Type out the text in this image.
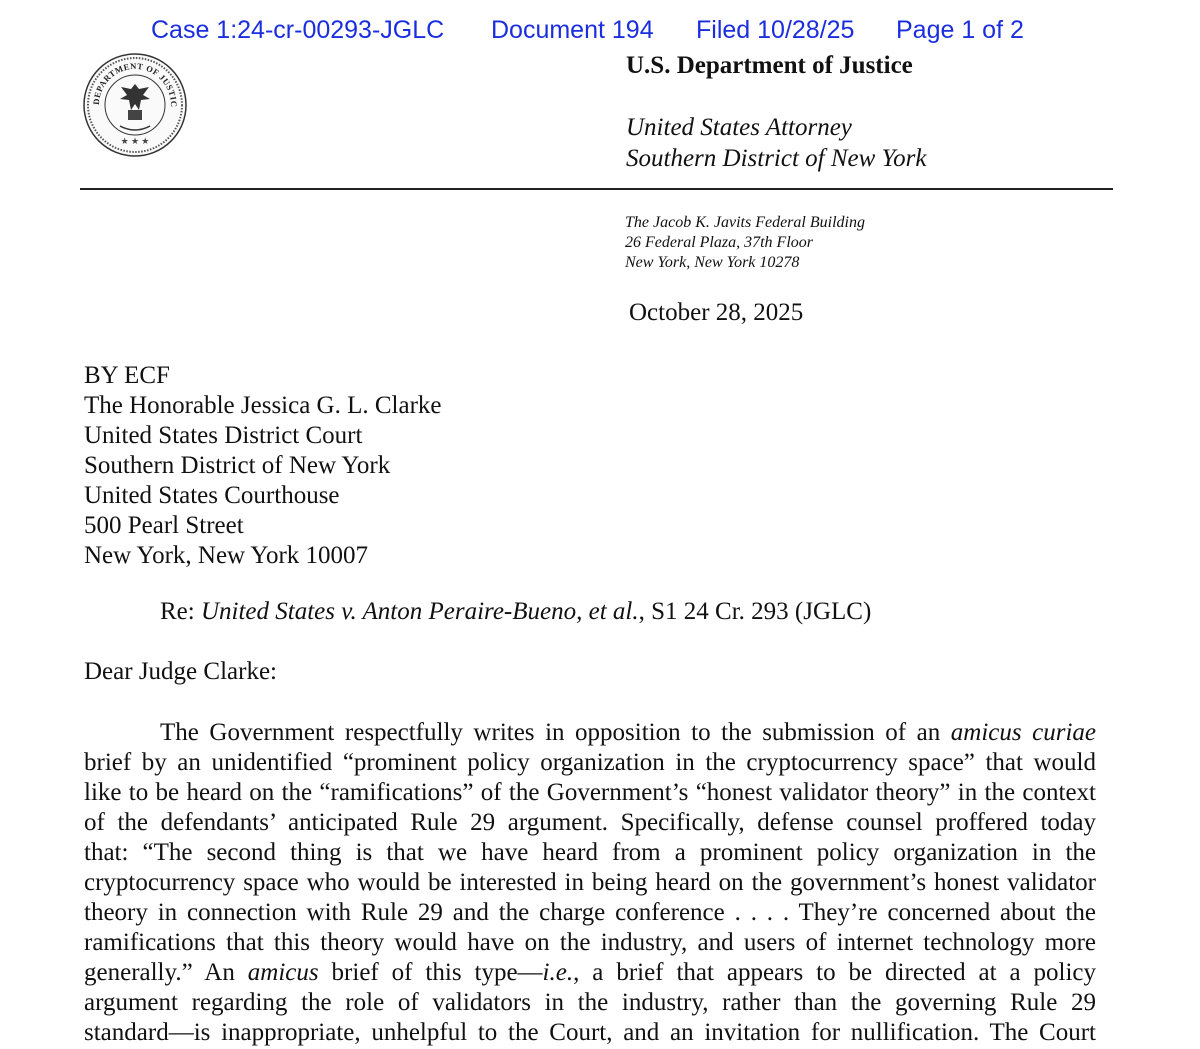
Case 1:24-cr-00293-JGLC Document 194 Filed 10/28/25 Page 1 of 2
DEPARTMENT OF JUSTIC
★ ★ ★
U.S. Department of Justice
United States Attorney
Southern District of New York
The Jacob K. Javits Federal Building
26 Federal Plaza, 37th Floor
New York, New York 10278
October 28, 2025
BY ECF
The Honorable Jessica G. L. Clarke
United States District Court
Southern District of New York
United States Courthouse
500 Pearl Street
New York, New York 10007
Re: United States v. Anton Peraire-Bueno, et al., S1 24 Cr. 293 (JGLC)
Dear Judge Clarke:
The Government respectfully writes in opposition to the submission of an amicus curiae
brief by an unidentified “prominent policy organization in the cryptocurrency space” that would
like to be heard on the “ramifications” of the Government’s “honest validator theory” in the context
of the defendants’ anticipated Rule 29 argument. Specifically, defense counsel proffered today
that: “The second thing is that we have heard from a prominent policy organization in the
cryptocurrency space who would be interested in being heard on the government’s honest validator
theory in connection with Rule 29 and the charge conference . . . . They’re concerned about the
ramifications that this theory would have on the industry, and users of internet technology more
generally.” An amicus brief of this type—i.e., a brief that appears to be directed at a policy
argument regarding the role of validators in the industry, rather than the governing Rule 29
standard—is inappropriate, unhelpful to the Court, and an invitation for nullification. The Court
